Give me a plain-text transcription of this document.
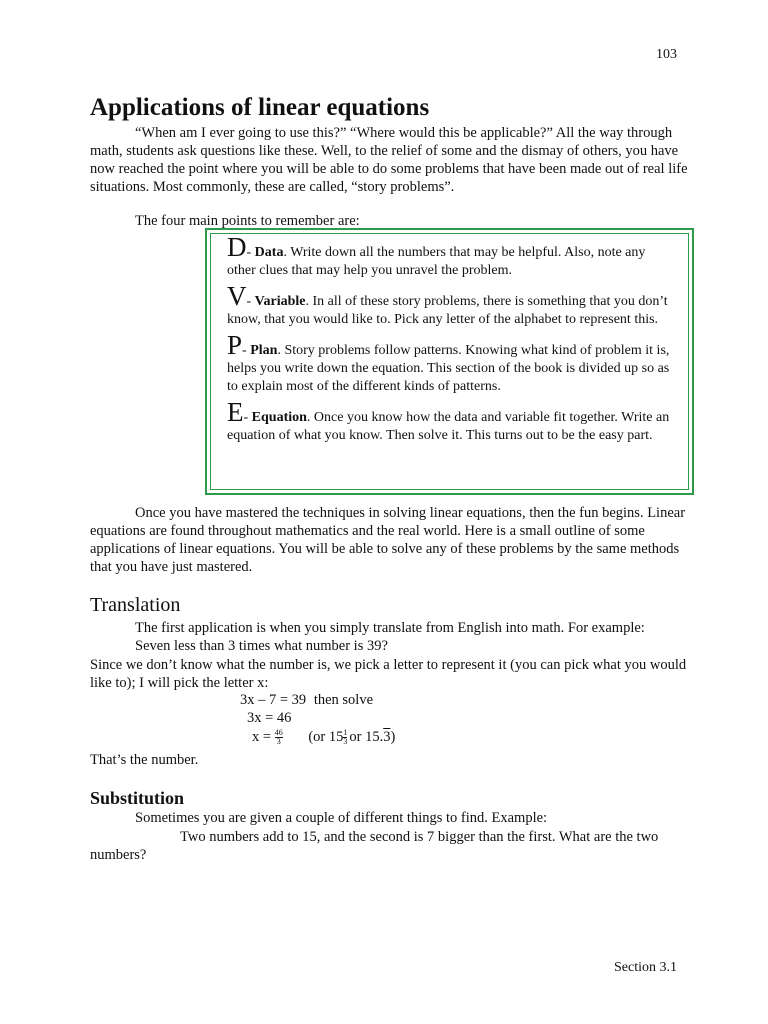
103
Applications of linear equations

“When am I ever going to use this?” “Where would this be applicable?” All the way through math, students ask questions like these. Well, to the relief of some and the dismay of others, you have now reached the point where you will be able to do some problems that have been made out of real life situations. Most commonly, these are called, “story problems”.

The four main points to remember are:

D- Data. Write down all the numbers that may be helpful. Also, note any other clues that may help you unravel the problem.
V- Variable. In all of these story problems, there is something that you don’t know, that you would like to. Pick any letter of the alphabet to represent this.
P- Plan. Story problems follow patterns. Knowing what kind of problem it is, helps you write down the equation. This section of the book is divided up so as to explain most of the different kinds of patterns.
E- Equation. Once you know how the data and variable fit together. Write an equation of what you know. Then solve it. This turns out to be the easy part.

Once you have mastered the techniques in solving linear equations, then the fun begins. Linear equations are found throughout mathematics and the real world. Here is a small outline of some applications of linear equations. You will be able to solve any of these problems by the same methods that you have just mastered.

Translation
The first application is when you simply translate from English into math. For example:
Seven less than 3 times what number is 39?

Since we don’t know what the number is, we pick a letter to represent it (you can pick what you would like to); I will pick the letter x:

3x – 7 = 39 then solve
3x = 46
$x = \frac{46}{3} (or$ $15 \frac{1}{3}$ or 15.3)
That’s the number.
Substitution
Sometimes you are given a couple of different things to find. Example:

Two numbers add to 15, and the second is 7 bigger than the first. What are the two numbers?

Section 3.1
